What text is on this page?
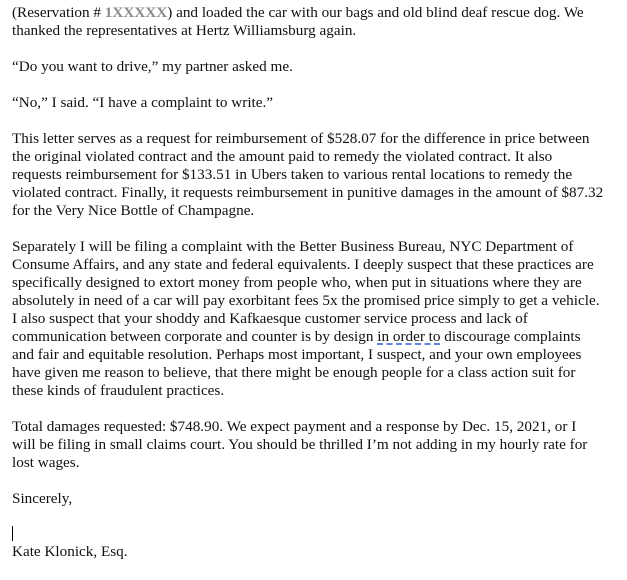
(Reservation # 1XXXXX) and loaded the car with our bags and old blind deaf rescue dog. We
thanked the representatives at Hertz Williamsburg again.

“Do you want to drive,” my partner asked me.

“No,” I said. “I have a complaint to write.”

This letter serves as a request for reimbursement of $528.07 for the difference in price between
the original violated contract and the amount paid to remedy the violated contract. It also
requests reimbursement for $133.51 in Ubers taken to various rental locations to remedy the
violated contract. Finally, it requests reimbursement in punitive damages in the amount of $87.32
for the Very Nice Bottle of Champagne.

Separately I will be filing a complaint with the Better Business Bureau, NYC Department of
Consume Affairs, and any state and federal equivalents. I deeply suspect that these practices are
specifically designed to extort money from people who, when put in situations where they are
absolutely in need of a car will pay exorbitant fees 5x the promised price simply to get a vehicle.
I also suspect that your shoddy and Kafkaesque customer service process and lack of
communication between corporate and counter is by design in order to discourage complaints
and fair and equitable resolution. Perhaps most important, I suspect, and your own employees
have given me reason to believe, that there might be enough people for a class action suit for
these kinds of fraudulent practices.

Total damages requested: $748.90. We expect payment and a response by Dec. 15, 2021, or I
will be filing in small claims court. You should be thrilled I’m not adding in my hourly rate for
lost wages.

Sincerely,

Kate Klonick, Esq.
